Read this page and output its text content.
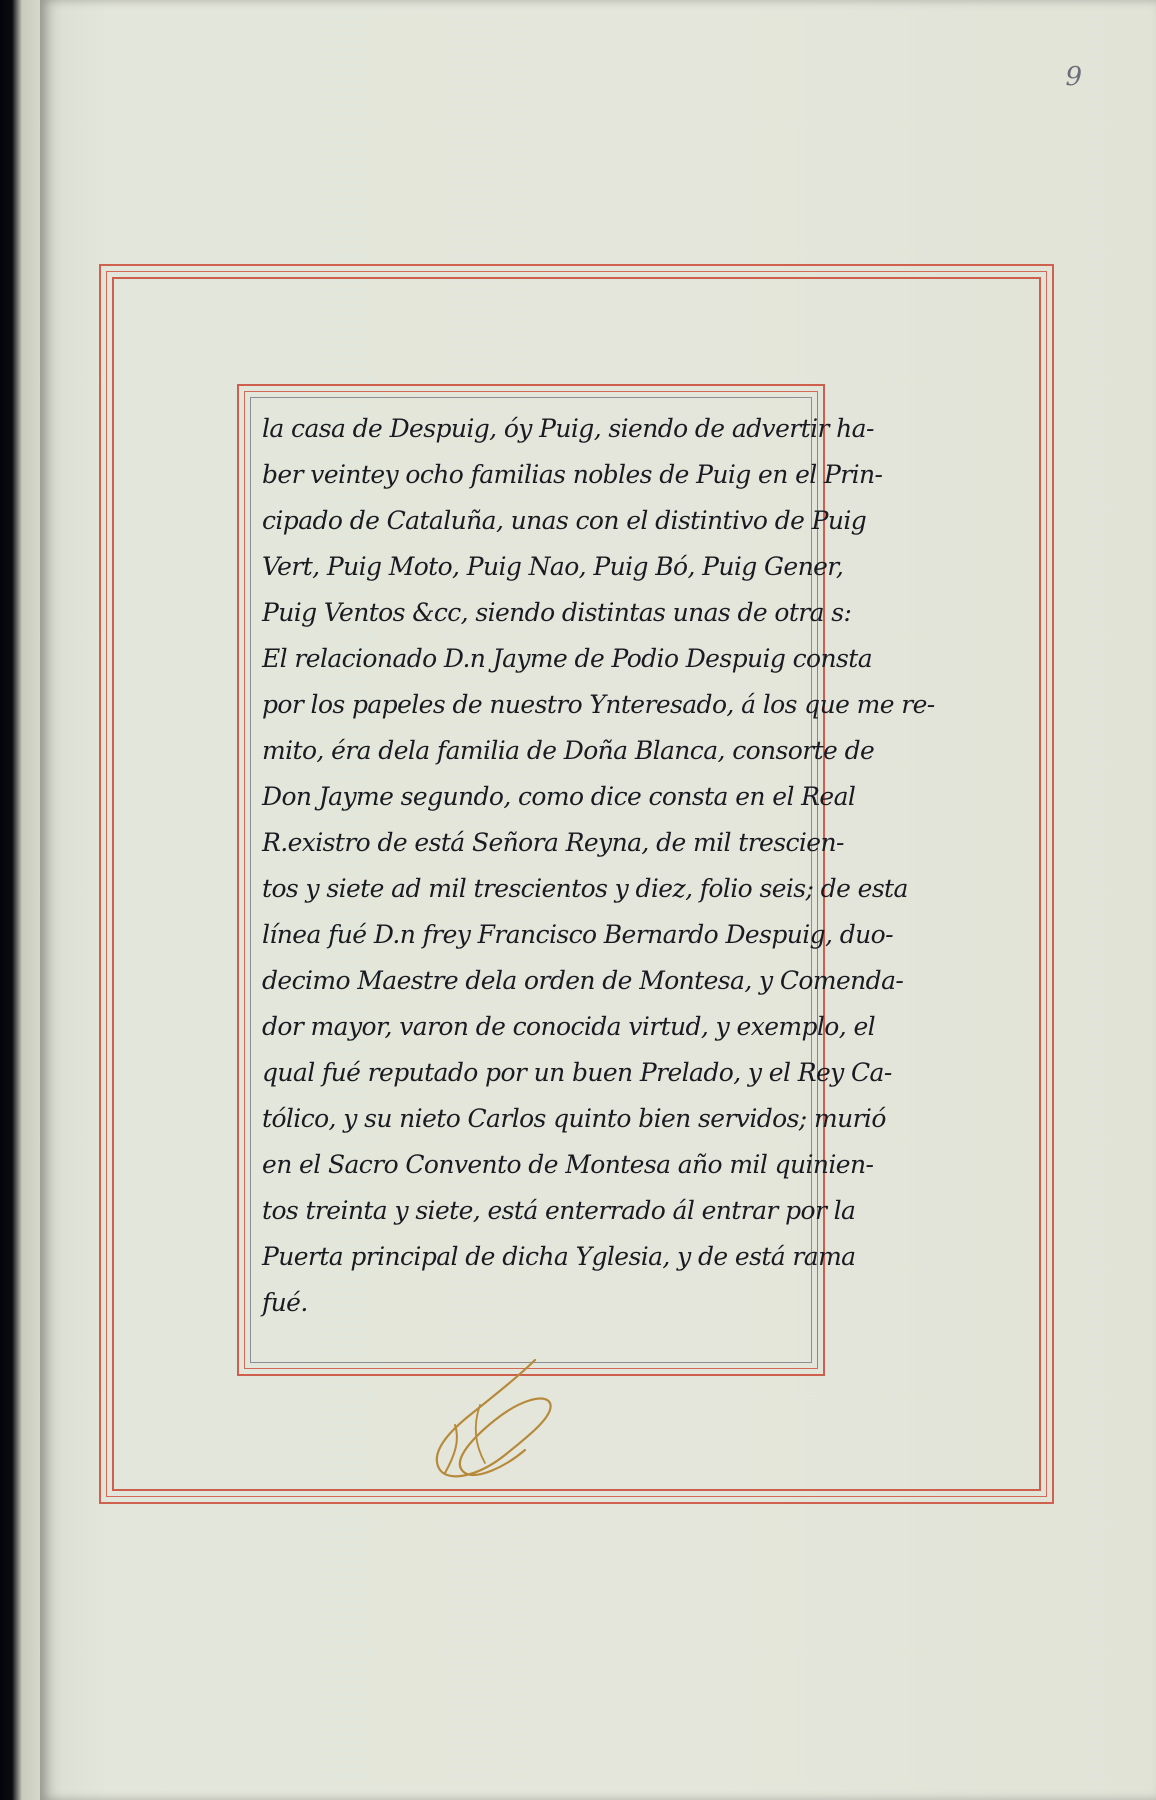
9
la casa de Despuig, óy Puig, siendo de advertir ha-
ber veintey ocho familias nobles de Puig en el Prin-
cipado de Cataluña, unas con el distintivo de Puig
Vert, Puig Moto, Puig Nao, Puig Bó, Puig Gener,
Puig Ventos &cc, siendo distintas unas de otra s:
El relacionado D.n Jayme de Podio Despuig consta
por los papeles de nuestro Ynteresado, á los que me re-
mito, éra dela familia de Doña Blanca, consorte de
Don Jayme segundo, como dice consta en el Real
R.existro de está Señora Reyna, de mil trescien-
tos y siete ad mil trescientos y diez, folio seis; de esta
línea fué D.n frey Francisco Bernardo Despuig, duo-
decimo Maestre dela orden de Montesa, y Comenda-
dor mayor, varon de conocida virtud, y exemplo, el
qual fué reputado por un buen Prelado, y el Rey Ca-
tólico, y su nieto Carlos quinto bien servidos; murió
en el Sacro Convento de Montesa año mil quinien-
tos treinta y siete, está enterrado ál entrar por la
Puerta principal de dicha Yglesia, y de está rama
fué.
